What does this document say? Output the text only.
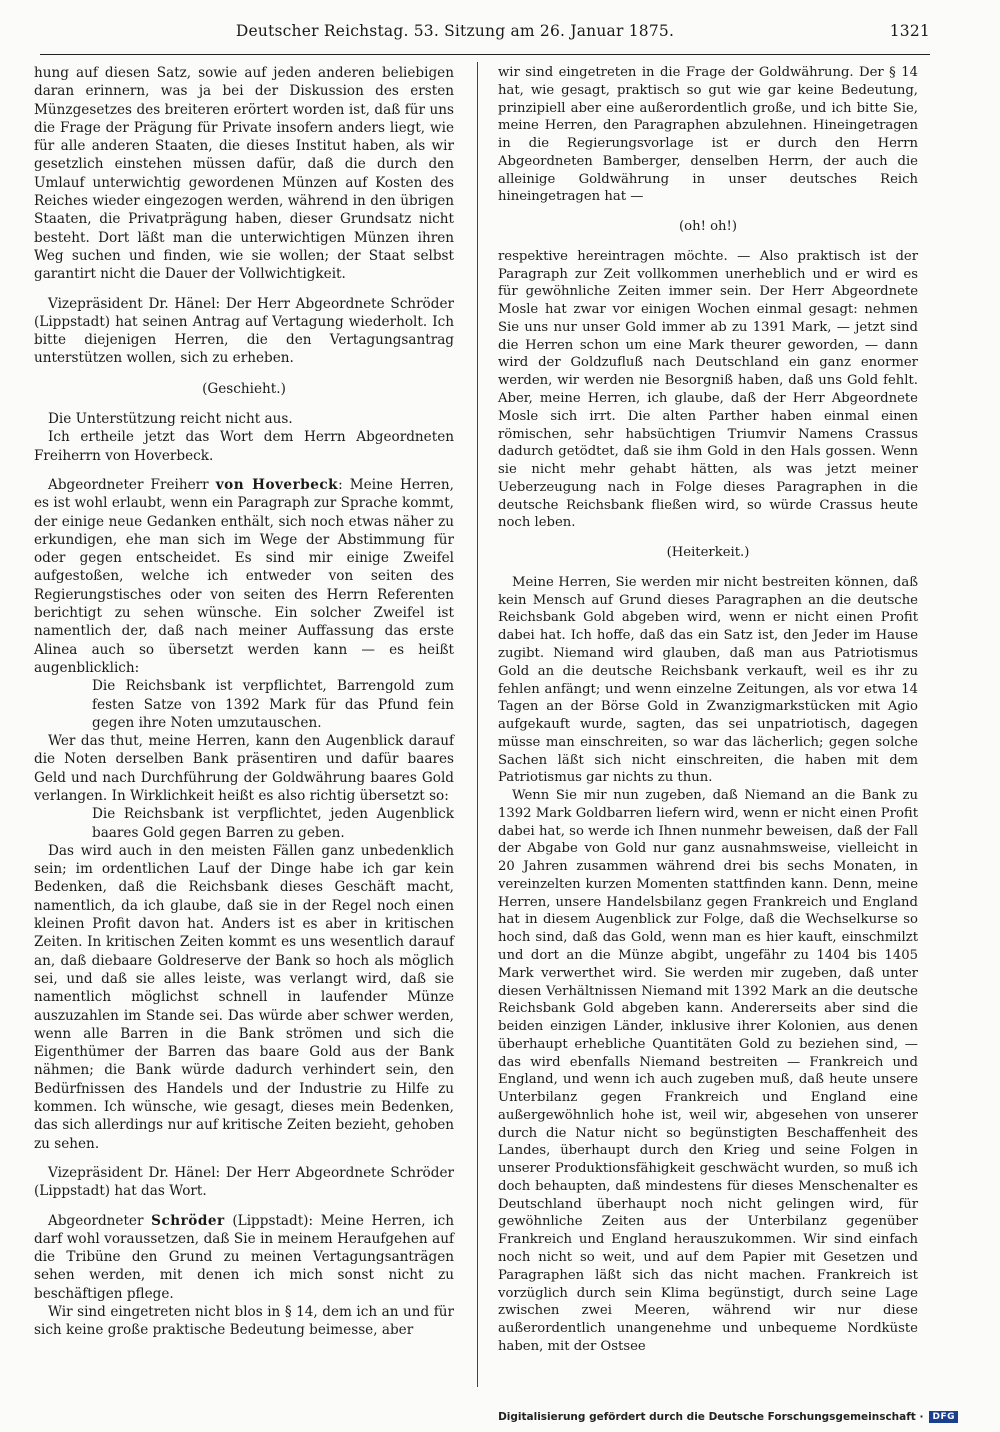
Deutscher Reichstag. 53. Sitzung am 26. Januar 1875.	1321

hung auf diesen Satz, sowie auf jeden anderen beliebigen daran erinnern, was ja bei der Diskussion des ersten Münzgesetzes des breiteren erörtert worden ist, daß für uns die Frage der Prägung für Private insofern anders liegt, wie für alle anderen Staaten, die dieses Institut haben, als wir gesetzlich einstehen müssen dafür, daß die durch den Umlauf unterwichtig gewordenen Münzen auf Kosten des Reiches wieder eingezogen werden, während in den übrigen Staaten, die Privatprägung haben, dieser Grundsatz nicht besteht. Dort läßt man die unterwichtigen Münzen ihren Weg suchen und finden, wie sie wollen; der Staat selbst garantirt nicht die Dauer der Vollwichtigkeit.

Vizepräsident Dr. Hänel: Der Herr Abgeordnete Schröder (Lippstadt) hat seinen Antrag auf Vertagung wiederholt. Ich bitte diejenigen Herren, die den Vertagungsantrag unterstützen wollen, sich zu erheben.

(Geschieht.)

Die Unterstützung reicht nicht aus.

Ich ertheile jetzt das Wort dem Herrn Abgeordneten Freiherrn von Hoverbeck.

Abgeordneter Freiherr von Hoverbeck: Meine Herren, es ist wohl erlaubt, wenn ein Paragraph zur Sprache kommt, der einige neue Gedanken enthält, sich noch etwas näher zu erkundigen, ehe man sich im Wege der Abstimmung für oder gegen entscheidet. Es sind mir einige Zweifel aufgestoßen, welche ich entweder von seiten des Regierungstisches oder von seiten des Herrn Referenten berichtigt zu sehen wünsche. Ein solcher Zweifel ist namentlich der, daß nach meiner Auffassung das erste Alinea auch so übersetzt werden kann — es heißt augenblicklich:

Die Reichsbank ist verpflichtet, Barrengold zum festen Satze von 1392 Mark für das Pfund fein gegen ihre Noten umzutauschen.

Wer das thut, meine Herren, kann den Augenblick darauf die Noten derselben Bank präsentiren und dafür baares Geld und nach Durchführung der Goldwährung baares Gold verlangen. In Wirklichkeit heißt es also richtig übersetzt so:

Die Reichsbank ist verpflichtet, jeden Augenblick baares Gold gegen Barren zu geben.

Das wird auch in den meisten Fällen ganz unbedenklich sein; im ordentlichen Lauf der Dinge habe ich gar kein Bedenken, daß die Reichsbank dieses Geschäft macht, namentlich, da ich glaube, daß sie in der Regel noch einen kleinen Profit davon hat. Anders ist es aber in kritischen Zeiten. In kritischen Zeiten kommt es uns wesentlich darauf an, daß diebaare Goldreserve der Bank so hoch als möglich sei, und daß sie alles leiste, was verlangt wird, daß sie namentlich möglichst schnell in laufender Münze auszuzahlen im Stande sei. Das würde aber schwer werden, wenn alle Barren in die Bank strömen und sich die Eigenthümer der Barren das baare Gold aus der Bank nähmen; die Bank würde dadurch verhindert sein, den Bedürfnissen des Handels und der Industrie zu Hilfe zu kommen. Ich wünsche, wie gesagt, dieses mein Bedenken, das sich allerdings nur auf kritische Zeiten bezieht, gehoben zu sehen.

Vizepräsident Dr. Hänel: Der Herr Abgeordnete Schröder (Lippstadt) hat das Wort.

Abgeordneter Schröder (Lippstadt): Meine Herren, ich darf wohl voraussetzen, daß Sie in meinem Heraufgehen auf die Tribüne den Grund zu meinen Vertagungsanträgen sehen werden, mit denen ich mich sonst nicht zu beschäftigen pflege.

Wir sind eingetreten nicht blos in § 14, dem ich an und für sich keine große praktische Bedeutung beimesse, aber

wir sind eingetreten in die Frage der Goldwährung. Der § 14 hat, wie gesagt, praktisch so gut wie gar keine Bedeutung, prinzipiell aber eine außerordentlich große, und ich bitte Sie, meine Herren, den Paragraphen abzulehnen. Hineingetragen in die Regierungsvorlage ist er durch den Herrn Abgeordneten Bamberger, denselben Herrn, der auch die alleinige Goldwährung in unser deutsches Reich hineingetragen hat —

(oh! oh!)

respektive hereintragen möchte. — Also praktisch ist der Paragraph zur Zeit vollkommen unerheblich und er wird es für gewöhnliche Zeiten immer sein. Der Herr Abgeordnete Mosle hat zwar vor einigen Wochen einmal gesagt: nehmen Sie uns nur unser Gold immer ab zu 1391 Mark, — jetzt sind die Herren schon um eine Mark theurer geworden, — dann wird der Goldzufluß nach Deutschland ein ganz enormer werden, wir werden nie Besorgniß haben, daß uns Gold fehlt. Aber, meine Herren, ich glaube, daß der Herr Abgeordnete Mosle sich irrt. Die alten Parther haben einmal einen römischen, sehr habsüchtigen Triumvir Namens Crassus dadurch getödtet, daß sie ihm Gold in den Hals gossen. Wenn sie nicht mehr gehabt hätten, als was jetzt meiner Ueberzeugung nach in Folge dieses Paragraphen in die deutsche Reichsbank fließen wird, so würde Crassus heute noch leben.

(Heiterkeit.)

Meine Herren, Sie werden mir nicht bestreiten können, daß kein Mensch auf Grund dieses Paragraphen an die deutsche Reichsbank Gold abgeben wird, wenn er nicht einen Profit dabei hat. Ich hoffe, daß das ein Satz ist, den Jeder im Hause zugibt. Niemand wird glauben, daß man aus Patriotismus Gold an die deutsche Reichsbank verkauft, weil es ihr zu fehlen anfängt; und wenn einzelne Zeitungen, als vor etwa 14 Tagen an der Börse Gold in Zwanzigmarkstücken mit Agio aufgekauft wurde, sagten, das sei unpatriotisch, dagegen müsse man einschreiten, so war das lächerlich; gegen solche Sachen läßt sich nicht einschreiten, die haben mit dem Patriotismus gar nichts zu thun.

Wenn Sie mir nun zugeben, daß Niemand an die Bank zu 1392 Mark Goldbarren liefern wird, wenn er nicht einen Profit dabei hat, so werde ich Ihnen nunmehr beweisen, daß der Fall der Abgabe von Gold nur ganz ausnahmsweise, vielleicht in 20 Jahren zusammen während drei bis sechs Monaten, in vereinzelten kurzen Momenten stattfinden kann. Denn, meine Herren, unsere Handelsbilanz gegen Frankreich und England hat in diesem Augenblick zur Folge, daß die Wechselkurse so hoch sind, daß das Gold, wenn man es hier kauft, einschmilzt und dort an die Münze abgibt, ungefähr zu 1404 bis 1405 Mark verwerthet wird. Sie werden mir zugeben, daß unter diesen Verhältnissen Niemand mit 1392 Mark an die deutsche Reichsbank Gold abgeben kann. Andererseits aber sind die beiden einzigen Länder, inklusive ihrer Kolonien, aus denen überhaupt erhebliche Quantitäten Gold zu beziehen sind, — das wird ebenfalls Niemand bestreiten — Frankreich und England, und wenn ich auch zugeben muß, daß heute unsere Unterbilanz gegen Frankreich und England eine außergewöhnlich hohe ist, weil wir, abgesehen von unserer durch die Natur nicht so begünstigten Beschaffenheit des Landes, überhaupt durch den Krieg und seine Folgen in unserer Produktionsfähigkeit geschwächt wurden, so muß ich doch behaupten, daß mindestens für dieses Menschenalter es Deutschland überhaupt noch nicht gelingen wird, für gewöhnliche Zeiten aus der Unterbilanz gegenüber Frankreich und England herauszukommen. Wir sind einfach noch nicht so weit, und auf dem Papier mit Gesetzen und Paragraphen läßt sich das nicht machen. Frankreich ist vorzüglich durch sein Klima begünstigt, durch seine Lage zwischen zwei Meeren, während wir nur diese außerordentlich unangenehme und unbequeme Nordküste haben, mit der Ostsee

Digitalisierung gefördert durch die Deutsche Forschungsgemeinschaft ·	DFG
